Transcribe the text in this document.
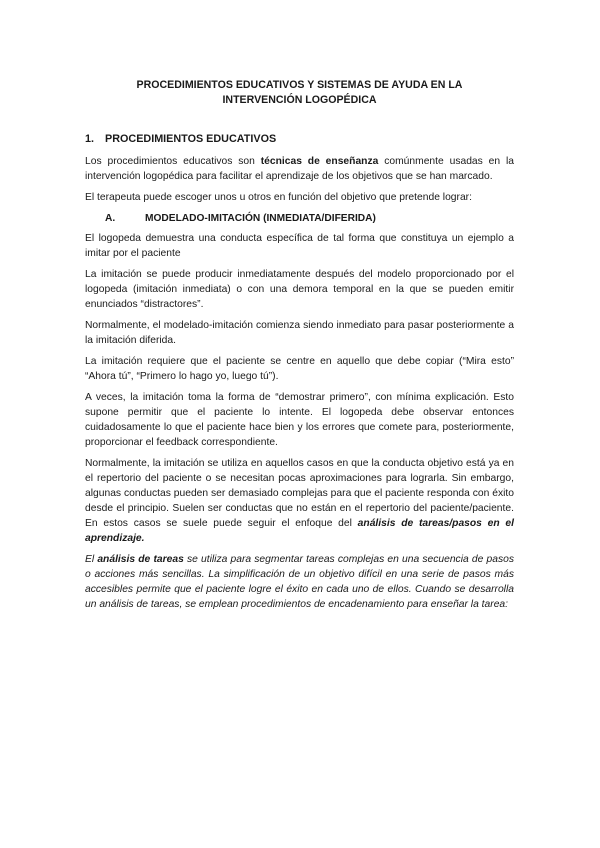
PROCEDIMIENTOS EDUCATIVOS Y SISTEMAS DE AYUDA EN LA INTERVENCIÓN LOGOPÉDICA
1. PROCEDIMIENTOS EDUCATIVOS

Los procedimientos educativos son técnicas de enseñanza comúnmente usadas en la intervención logopédica para facilitar el aprendizaje de los objetivos que se han marcado.

El terapeuta puede escoger unos u otros en función del objetivo que pretende lograr:

A.	MODELADO-IMITACIÓN (INMEDIATA/DIFERIDA)

El logopeda demuestra una conducta específica de tal forma que constituya un ejemplo a imitar por el paciente

La imitación se puede producir inmediatamente después del modelo proporcionado por el logopeda (imitación inmediata) o con una demora temporal en la que se pueden emitir enunciados “distractores”.

Normalmente, el modelado-imitación comienza siendo inmediato para pasar posteriormente a la imitación diferida.

La imitación requiere que el paciente se centre en aquello que debe copiar (“Mira esto” “Ahora tú”, “Primero lo hago yo, luego tú”).

A veces, la imitación toma la forma de “demostrar primero”, con mínima explicación. Esto supone permitir que el paciente lo intente. El logopeda debe observar entonces cuidadosamente lo que el paciente hace bien y los errores que comete para, posteriormente, proporcionar el feedback correspondiente.

Normalmente, la imitación se utiliza en aquellos casos en que la conducta objetivo está ya en el repertorio del paciente o se necesitan pocas aproximaciones para lograrla. Sin embargo, algunas conductas pueden ser demasiado complejas para que el paciente responda con éxito desde el principio. Suelen ser conductas que no están en el repertorio del paciente/paciente. En estos casos se suele puede seguir el enfoque del análisis de tareas/pasos en el aprendizaje.

El análisis de tareas se utiliza para segmentar tareas complejas en una secuencia de pasos o acciones más sencillas. La simplificación de un objetivo difícil en una serie de pasos más accesibles permite que el paciente logre el éxito en cada uno de ellos. Cuando se desarrolla un análisis de tareas, se emplean procedimientos de encadenamiento para enseñar la tarea:
